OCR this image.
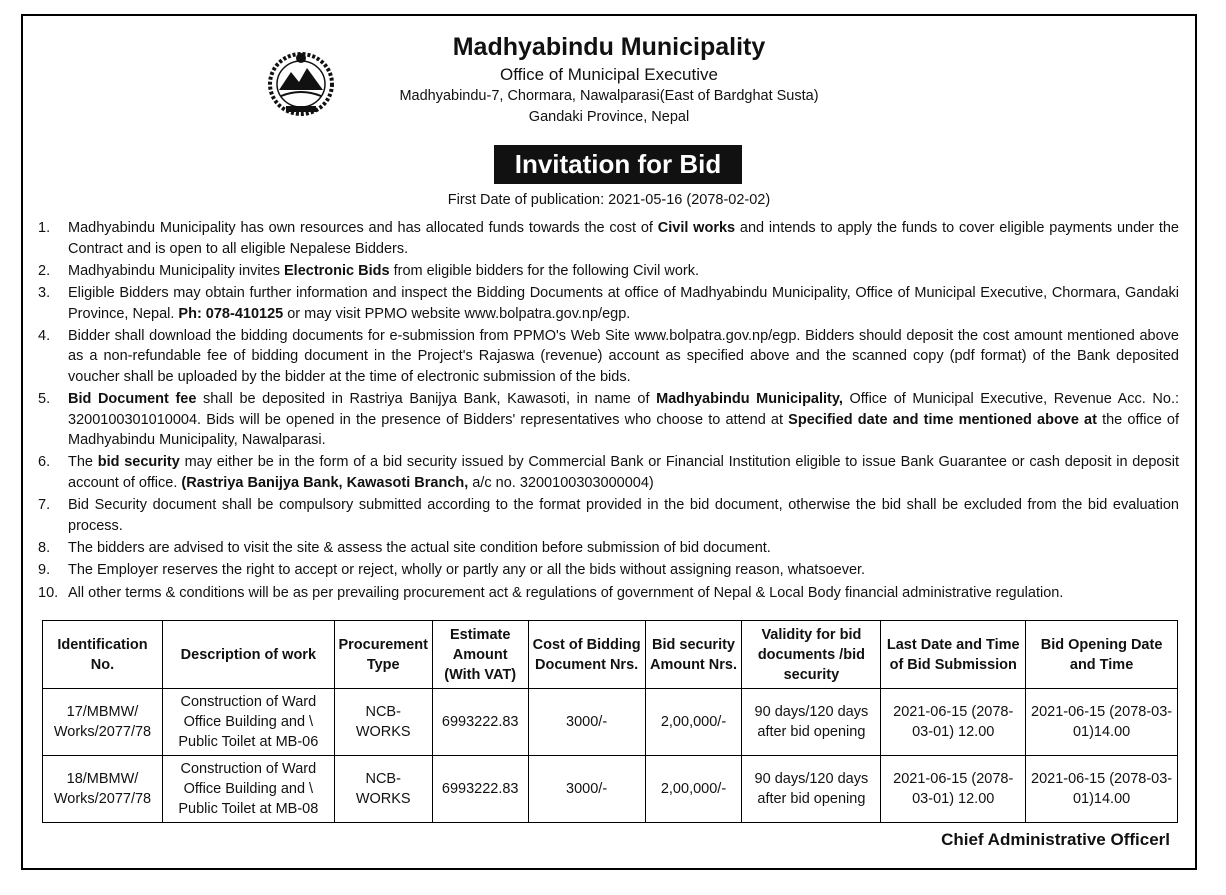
Madhyabindu Municipality
Office of Municipal Executive
Madhyabindu-7, Chormara, Nawalparasi(East of Bardghat Susta)
Gandaki Province, Nepal
Invitation for Bid
First Date of publication: 2021-05-16 (2078-02-02)
1. Madhyabindu Municipality has own resources and has allocated funds towards the cost of Civil works and intends to apply the funds to cover eligible payments under the Contract and is open to all eligible Nepalese Bidders.
2. Madhyabindu Municipality invites Electronic Bids from eligible bidders for the following Civil work.
3. Eligible Bidders may obtain further information and inspect the Bidding Documents at office of Madhyabindu Municipality, Office of Municipal Executive, Chormara, Gandaki Province, Nepal. Ph: 078-410125 or may visit PPMO website www.bolpatra.gov.np/egp.
4. Bidder shall download the bidding documents for e-submission from PPMO's Web Site www.bolpatra.gov.np/egp. Bidders should deposit the cost amount mentioned above as a non-refundable fee of bidding document in the Project's Rajaswa (revenue) account as specified above and the scanned copy (pdf format) of the Bank deposited voucher shall be uploaded by the bidder at the time of electronic submission of the bids.
5. Bid Document fee shall be deposited in Rastriya Banijya Bank, Kawasoti, in name of Madhyabindu Municipality, Office of Municipal Executive, Revenue Acc. No.: 3200100301010004. Bids will be opened in the presence of Bidders' representatives who choose to attend at Specified date and time mentioned above at the office of Madhyabindu Municipality, Nawalparasi.
6. The bid security may either be in the form of a bid security issued by Commercial Bank or Financial Institution eligible to issue Bank Guarantee or cash deposit in deposit account of office. (Rastriya Banijya Bank, Kawasoti Branch, a/c no. 3200100303000004)
7. Bid Security document shall be compulsory submitted according to the format provided in the bid document, otherwise the bid shall be excluded from the bid evaluation process.
8. The bidders are advised to visit the site & assess the actual site condition before submission of bid document.
9. The Employer reserves the right to accept or reject, wholly or partly any or all the bids without assigning reason, whatsoever.
10. All other terms & conditions will be as per prevailing procurement act & regulations of government of Nepal & Local Body financial administrative regulation.
Identification No.	Description of work	Procurement Type	Estimate Amount (With VAT)	Cost of Bidding Document Nrs.	Bid security Amount Nrs.	Validity for bid documents /bid security	Last Date and Time of Bid Submission	Bid Opening Date and Time
17/MBMW/ Works/2077/78	Construction of Ward Office Building and \ Public Toilet at MB-06	NCB- WORKS	6993222.83	3000/-	2,00,000/-	90 days/120 days after bid opening	2021-06-15 (2078-03-01) 12.00	2021-06-15 (2078-03-01)14.00
18/MBMW/ Works/2077/78	Construction of Ward Office Building and \ Public Toilet at MB-08	NCB- WORKS	6993222.83	3000/-	2,00,000/-	90 days/120 days after bid opening	2021-06-15 (2078-03-01) 12.00	2021-06-15 (2078-03-01)14.00
Chief Administrative Officerl
